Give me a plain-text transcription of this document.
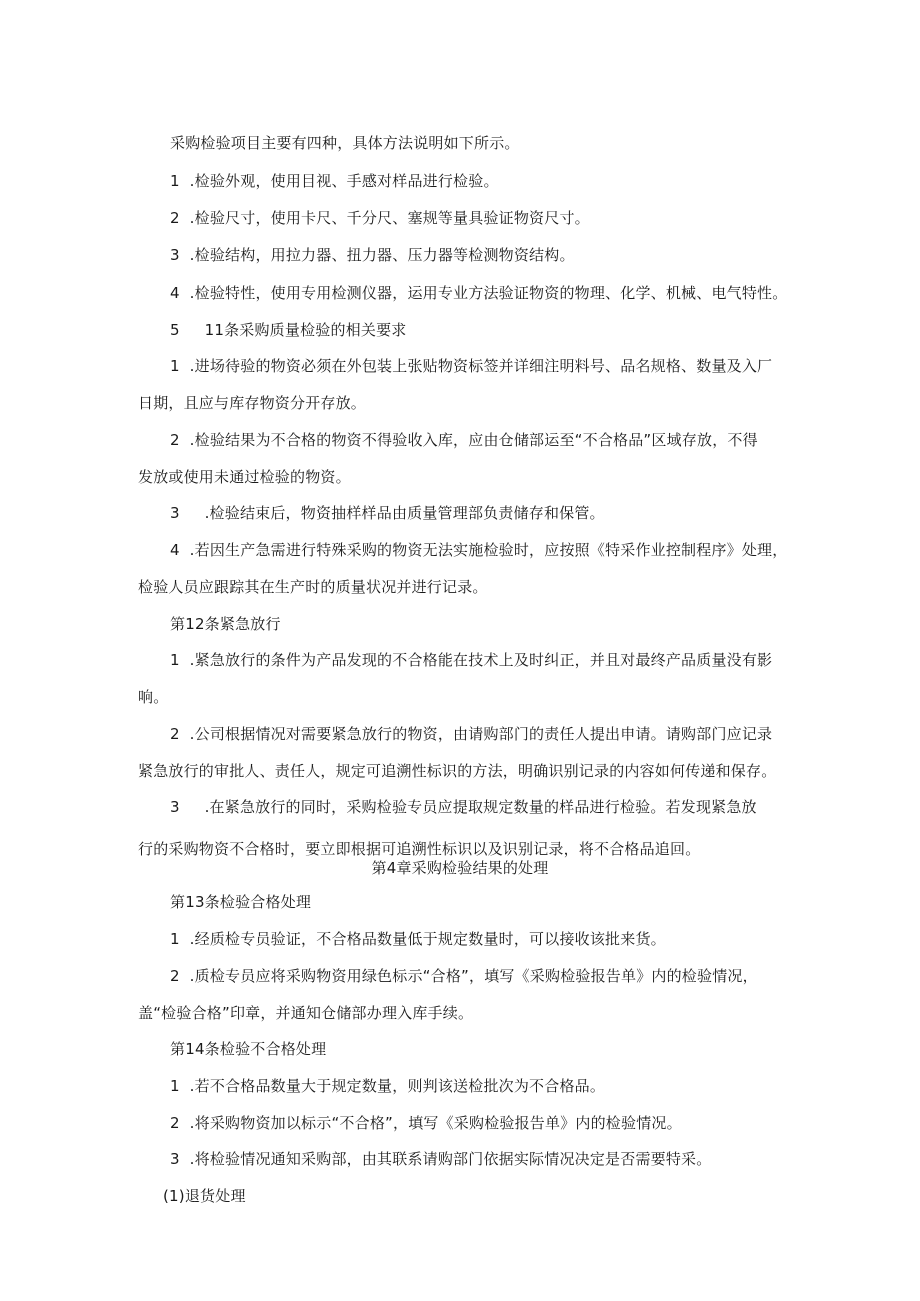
采购检验项目主要有四种，具体方法说明如下所示。
1  .检验外观，使用目视、手感对样品进行检验。
2  .检验尺寸，使用卡尺、千分尺、塞规等量具验证物资尺寸。
3  .检验结构，用拉力器、扭力器、压力器等检测物资结构。
4  .检验特性，使用专用检测仪器，运用专业方法验证物资的物理、化学、机械、电气特性。
5     11条采购质量检验的相关要求
1  .进场待验的物资必须在外包装上张贴物资标签并详细注明料号、品名规格、数量及入厂
日期，且应与库存物资分开存放。
2  .检验结果为不合格的物资不得验收入库，应由仓储部运至“不合格品”区域存放，不得
发放或使用未通过检验的物资。
3     .检验结束后，物资抽样样品由质量管理部负责储存和保管。
4  .若因生产急需进行特殊采购的物资无法实施检验时，应按照《特采作业控制程序》处理，
检验人员应跟踪其在生产时的质量状况并进行记录。
第12条紧急放行
1  .紧急放行的条件为产品发现的不合格能在技术上及时纠正，并且对最终产品质量没有影
响。
2  .公司根据情况对需要紧急放行的物资，由请购部门的责任人提出申请。请购部门应记录
紧急放行的审批人、责任人，规定可追溯性标识的方法，明确识别记录的内容如何传递和保存。
3     .在紧急放行的同时，采购检验专员应提取规定数量的样品进行检验。若发现紧急放
行的采购物资不合格时，要立即根据可追溯性标识以及识别记录，将不合格品追回。
第4章采购检验结果的处理
第13条检验合格处理
1  .经质检专员验证，不合格品数量低于规定数量时，可以接收该批来货。
2  .质检专员应将采购物资用绿色标示“合格”，填写《采购检验报告单》内的检验情况，
盖“检验合格”印章，并通知仓储部办理入库手续。
第14条检验不合格处理
1  .若不合格品数量大于规定数量，则判该送检批次为不合格品。
2  .将采购物资加以标示“不合格”，填写《采购检验报告单》内的检验情况。
3  .将检验情况通知采购部，由其联系请购部门依据实际情况决定是否需要特采。
(1)退货处理
